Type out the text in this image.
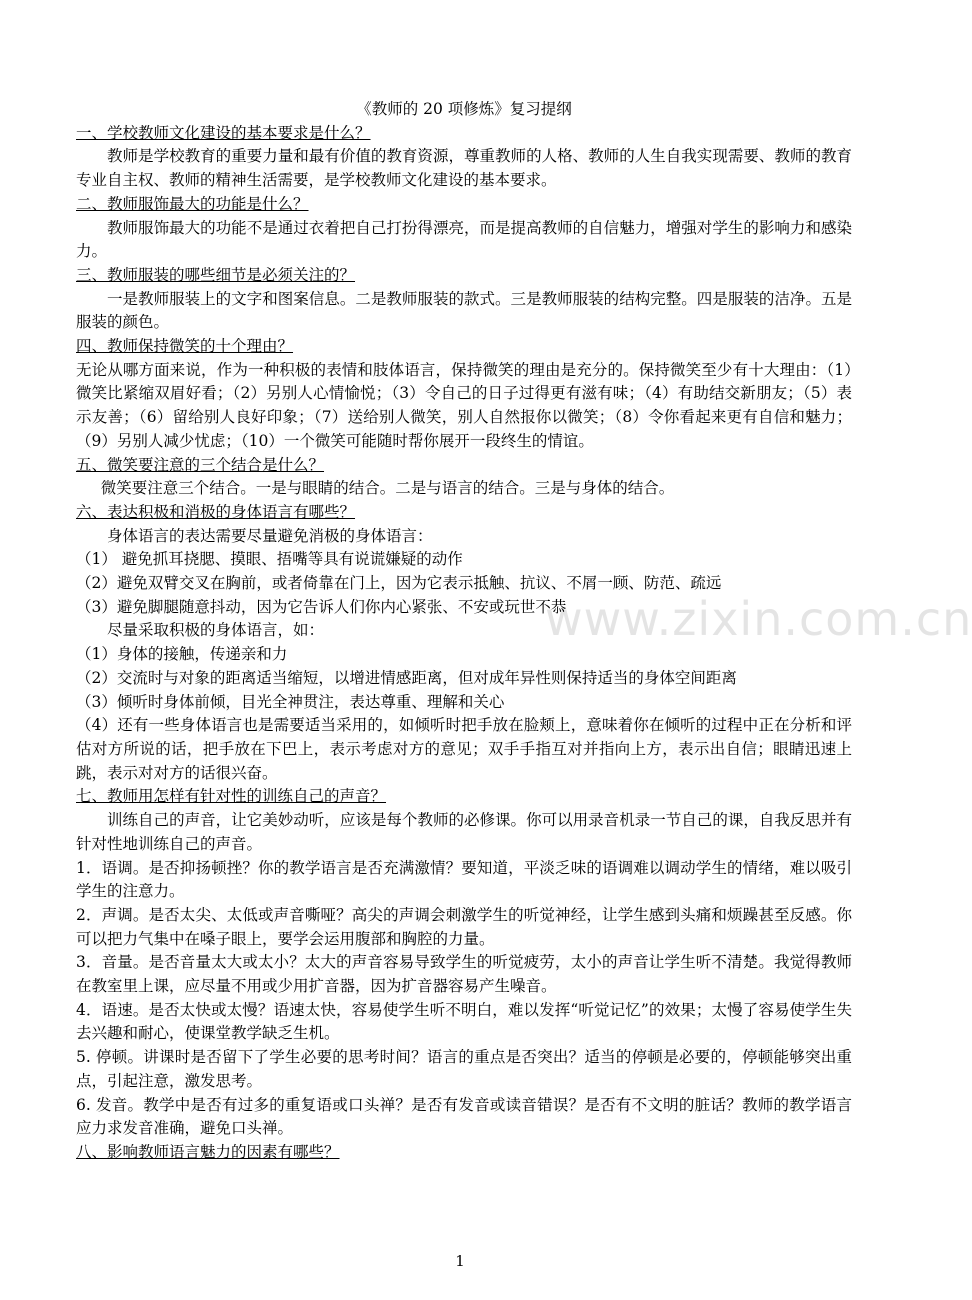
www.zixin.com.cn

《教师的 20 项修炼》复习提纲

一、学校教师文化建设的基本要求是什么？

教师是学校教育的重要力量和最有价值的教育资源，尊重教师的人格、教师的人生自我实现需要、教师的教育专业自主权、教师的精神生活需要，是学校教师文化建设的基本要求。

二、教师服饰最大的功能是什么？

教师服饰最大的功能不是通过衣着把自己打扮得漂亮，而是提高教师的自信魅力，增强对学生的影响力和感染力。

三、教师服装的哪些细节是必须关注的？

一是教师服装上的文字和图案信息。二是教师服装的款式。三是教师服装的结构完整。四是服装的洁净。五是服装的颜色。

四、教师保持微笑的十个理由？

无论从哪方面来说，作为一种积极的表情和肢体语言，保持微笑的理由是充分的。保持微笑至少有十大理由：（1）微笑比紧缩双眉好看；（2）另别人心情愉悦；（3）令自己的日子过得更有滋有味；（4）有助结交新朋友；（5）表示友善；（6）留给别人良好印象；（7）送给别人微笑，别人自然报你以微笑；（8）令你看起来更有自信和魅力；（9）另别人减少忧虑；（10）一个微笑可能随时帮你展开一段终生的情谊。

五、微笑要注意的三个结合是什么？

微笑要注意三个结合。一是与眼睛的结合。二是与语言的结合。三是与身体的结合。

六、表达积极和消极的身体语言有哪些？

身体语言的表达需要尽量避免消极的身体语言：

（1） 避免抓耳挠腮、摸眼、捂嘴等具有说谎嫌疑的动作

（2）避免双臂交叉在胸前，或者倚靠在门上，因为它表示抵触、抗议、不屑一顾、防范、疏远

（3）避免脚腿随意抖动，因为它告诉人们你内心紧张、不安或玩世不恭

尽量采取积极的身体语言，如：

（1）身体的接触，传递亲和力

（2）交流时与对象的距离适当缩短，以增进情感距离，但对成年异性则保持适当的身体空间距离

（3）倾听时身体前倾，目光全神贯注，表达尊重、理解和关心

（4）还有一些身体语言也是需要适当采用的，如倾听时把手放在脸颊上，意味着你在倾听的过程中正在分析和评估对方所说的话，把手放在下巴上，表示考虑对方的意见；双手手指互对并指向上方，表示出自信；眼睛迅速上跳，表示对对方的话很兴奋。

七、教师用怎样有针对性的训练自己的声音？

训练自己的声音，让它美妙动听，应该是每个教师的必修课。你可以用录音机录一节自己的课，自我反思并有针对性地训练自己的声音。

1．语调。是否抑扬顿挫？你的教学语言是否充满激情？要知道，平淡乏味的语调难以调动学生的情绪，难以吸引学生的注意力。

2．声调。是否太尖、太低或声音嘶哑？高尖的声调会刺激学生的听觉神经，让学生感到头痛和烦躁甚至反感。你可以把力气集中在嗓子眼上，要学会运用腹部和胸腔的力量。

3．音量。是否音量太大或太小？太大的声音容易导致学生的听觉疲劳，太小的声音让学生听不清楚。我觉得教师在教室里上课，应尽量不用或少用扩音器，因为扩音器容易产生噪音。

4．语速。是否太快或太慢？语速太快，容易使学生听不明白，难以发挥“听觉记忆”的效果；太慢了容易使学生失去兴趣和耐心，使课堂教学缺乏生机。

5. 停顿。讲课时是否留下了学生必要的思考时间？语言的重点是否突出？适当的停顿是必要的，停顿能够突出重点，引起注意，激发思考。

6. 发音。教学中是否有过多的重复语或口头禅？是否有发音或读音错误？是否有不文明的脏话？教师的教学语言应力求发音准确，避免口头禅。

八、影响教师语言魅力的因素有哪些？

1
